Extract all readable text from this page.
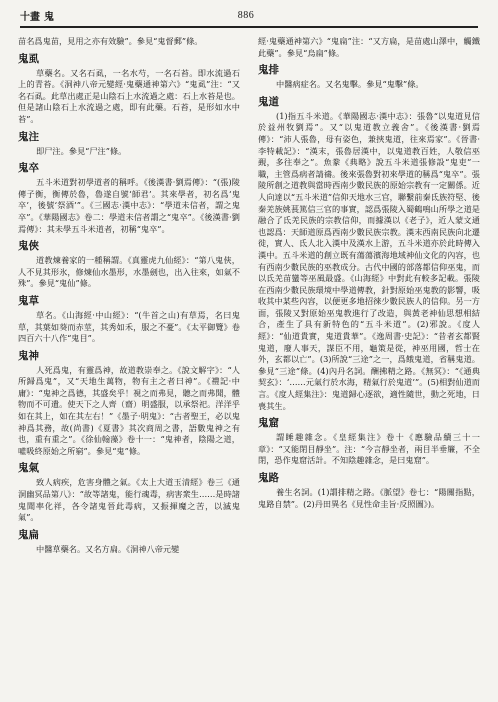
十畫 鬼	886

苗名爲鬼苗，見用之亦有效驗”。參見“鬼督郵”條。

鬼虱

草藥名。又名石虱，一名水芍，一名石苔。即水流過石上的青苔。《洞神八帝元變經·鬼藥通神第六》“鬼虱”注：“又名石虱。此草出處正是山陰石上水流過之處：石上水苔是也。但是諸山陰石上水流過之處，即有此藥。石苔，是形如水中苔”。

鬼注

即尸注。參見“尸注”條。

鬼卒

五斗米道對初學道者的稱呼。《後漢書·劉焉傳》：“(張)陵傳子衡，衡傳於魯，魯遂自號‘師君’。其來學者，初名爲‘鬼卒’，後號‘祭酒’”。《三國志·漢中志》：“學道未信者，謂之鬼卒”。《華陽國志》卷二：學道未信者謂之“鬼卒”。《後漢書·劉焉傳》：其未學五斗米道者，初稱“鬼卒”。

鬼俠

道教煉養家的一種稱謂。《真靈虎九仙經》：“第八鬼俠，人不見其形氷，修煉仙水墨形，水墨劍也，出入往來，如氣不殊”。參見“鬼仙”條。

鬼草

草名。《山海經·中山經》：“(牛首之山)有草焉，名曰鬼草，其葉如葵而赤莖，其秀如禾，服之不憂”。《太平御覽》卷四百六十八作“鬼目”。

鬼神

人死爲鬼，有靈爲神，故道教崇奉之。《說文解字》：“人所歸爲鬼”，又“天地生萬物，物有主之者曰神”。《禮記·中庸》：“鬼神之爲德，其盛矣乎！視之而弗見，聽之而弗聞，體物而不可遺。使天下之人齊（齋）明盛服，以承祭祀。洋洋乎如在其上，如在其左右！”《墨子·明鬼》：“古者聖王，必以鬼神爲其務，故(尚書)《夏書》其次商周之書，語數鬼神之有也，重有重之”。《徐仙翰藻》卷十一：“鬼神者，陰陽之道，噓吸終原始之所窮”。參見“鬼”條。

鬼氣

致人病疾，危害身體之氣。《太上大道玉清經》卷三《通洞幽冥品第八》：“故等諸鬼，能行魂毒，病害衆生……是時諸鬼聞率化祥，各令諸鬼晉此毒病，又振揮魔之苦，以滅鬼氣”。

鬼扁

中醫草藥名。又名方扁。《洞神八帝元變

經·鬼藥通神第六》“鬼扁”注：“又方扁，是苗處山澤中，觸鐵此藥”。參見“烏扁”條。

鬼排

中醫病症名。又名鬼擊。參見“鬼擊”條。

鬼道

(1)指五斗米道。《華陽國志·漢中志》：張魯“以鬼道見信於益州牧劉焉”。又“以鬼道教立義舍”。《後漢書·劉焉傳》：“沛人張魯，母有姿色，兼挾鬼道，往來焉家”。《晉書·李特載記》：“漢末，張魯居漢中，以鬼道教百姓，人敬信巫覡，多往奉之”。魚豢《典略》說五斗米道張修設“鬼吏”一職，主管爲病者請禱。後來張魯對初來學道的稱爲“鬼卒”。張陵所創之道教與當時西南少數民族的原始宗教有一定關係。近人向達以“五斗米道”信仰天地水三官，聯繫前秦氐族符堅、後秦羌族姚萇篤信三官的事實，認爲張陵入蜀鶴鳴山所學之道是融合了氐羌民族的宗教信仰，而據漢以《老子》，近人蒙文通也認爲：天師道原爲西南少數民族宗教。漢末西南民族向北遷徙，實人、氐人北入漢中及漢水上游，五斗米道亦於此時傳入漢中。五斗米道的創立既有蕩蕩濱海地域神仙文化的內容，也有西南少數民族的巫教成分。古代中國的部落都信仰巫鬼，而以氐羌苗蠻等巫風最盛。《山海經》中對此有較多記載。張陵在西南少數民族環境中學道傳教，針對原始巫鬼教的影響，吸收其中某些內容，以便更多地招徠少數民族人的信仰。另一方面，張陵又對原始巫鬼教進行了改造，與黃老神仙思想相結合，產生了具有新特色的“五斗米道”。(2)邪說。《度人經》：“仙道貴實，鬼道貴華”。《逸周書·史記》：“昔者玄都賢鬼道，廢人事天，謀臣不用，龜策是從，神巫用國，哲士在外，玄都以亡”。(3)所說“三途”之一，爲餓鬼道，省稱鬼道。參見“三途”條。(4)內丹名詞。酬拂精之路。《無冥》：“《通典契玄》：‘……元氣行於水海，精氣行於鬼道’”。(5)相對仙道而言。《度人經集注》：鬼道歸心逐欲，適性隨世，動之死地，日喪其生。

鬼窟

謂睡趣雜念。《皇經集注》卷十《應驗品續三十一章》：“又能閉目靜坐”。注：“今言靜坐者，兩目半垂簾，不全閉，恐作鬼窟活計。不知陰趣雜念，是曰鬼窟”。

鬼路

養生名詞。(1)謂排精之路。《脈望》卷七：“陽關指點，鬼路自禁”。(2)丹田異名《見性命圭旨·反照圖》)。
